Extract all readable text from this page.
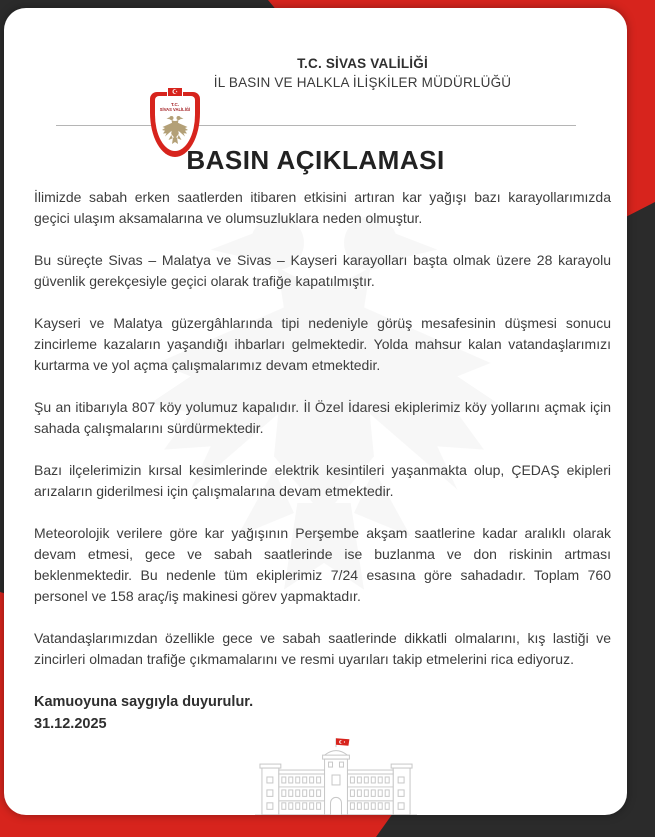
T.C.
SİVAS VALİLİĞİ
☪
T.C. SİVAS VALİLİĞİ
İL BASIN VE HALKLA İLİŞKİLER MÜDÜRLÜĞÜ
BASIN AÇIKLAMASI

İlimizde sabah erken saatlerden itibaren etkisini artıran kar yağışı bazı karayollarımızda geçici ulaşım aksamalarına ve olumsuzluklara neden olmuştur.

Bu süreçte Sivas – Malatya ve Sivas – Kayseri karayolları başta olmak üzere 28 karayolu güvenlik gerekçesiyle geçici olarak trafiğe kapatılmıştır.

Kayseri ve Malatya güzergâhlarında tipi nedeniyle görüş mesafesinin düşmesi sonucu zincirleme kazaların yaşandığı ihbarları gelmektedir. Yolda mahsur kalan vatandaşlarımızı kurtarma ve yol açma çalışmalarımız devam etmektedir.

Şu an itibarıyla 807 köy yolumuz kapalıdır. İl Özel İdaresi ekiplerimiz köy yollarını açmak için sahada çalışmalarını sürdürmektedir.

Bazı ilçelerimizin kırsal kesimlerinde elektrik kesintileri yaşanmakta olup, ÇEDAŞ ekipleri arızaların giderilmesi için çalışmalarına devam etmektedir.

Meteorolojik verilere göre kar yağışının Perşembe akşam saatlerine kadar aralıklı olarak devam etmesi, gece ve sabah saatlerinde ise buzlanma ve don riskinin artması beklenmektedir. Bu nedenle tüm ekiplerimiz 7/24 esasına göre sahadadır. Toplam 760 personel ve 158 araç/iş makinesi görev yapmaktadır.

Vatandaşlarımızdan özellikle gece ve sabah saatlerinde dikkatli olmalarını, kış lastiği ve zincirleri olmadan trafiğe çıkmamalarını ve resmi uyarıları takip etmelerini rica ediyoruz.

Kamuoyuna saygıyla duyurulur.
31.12.2025
